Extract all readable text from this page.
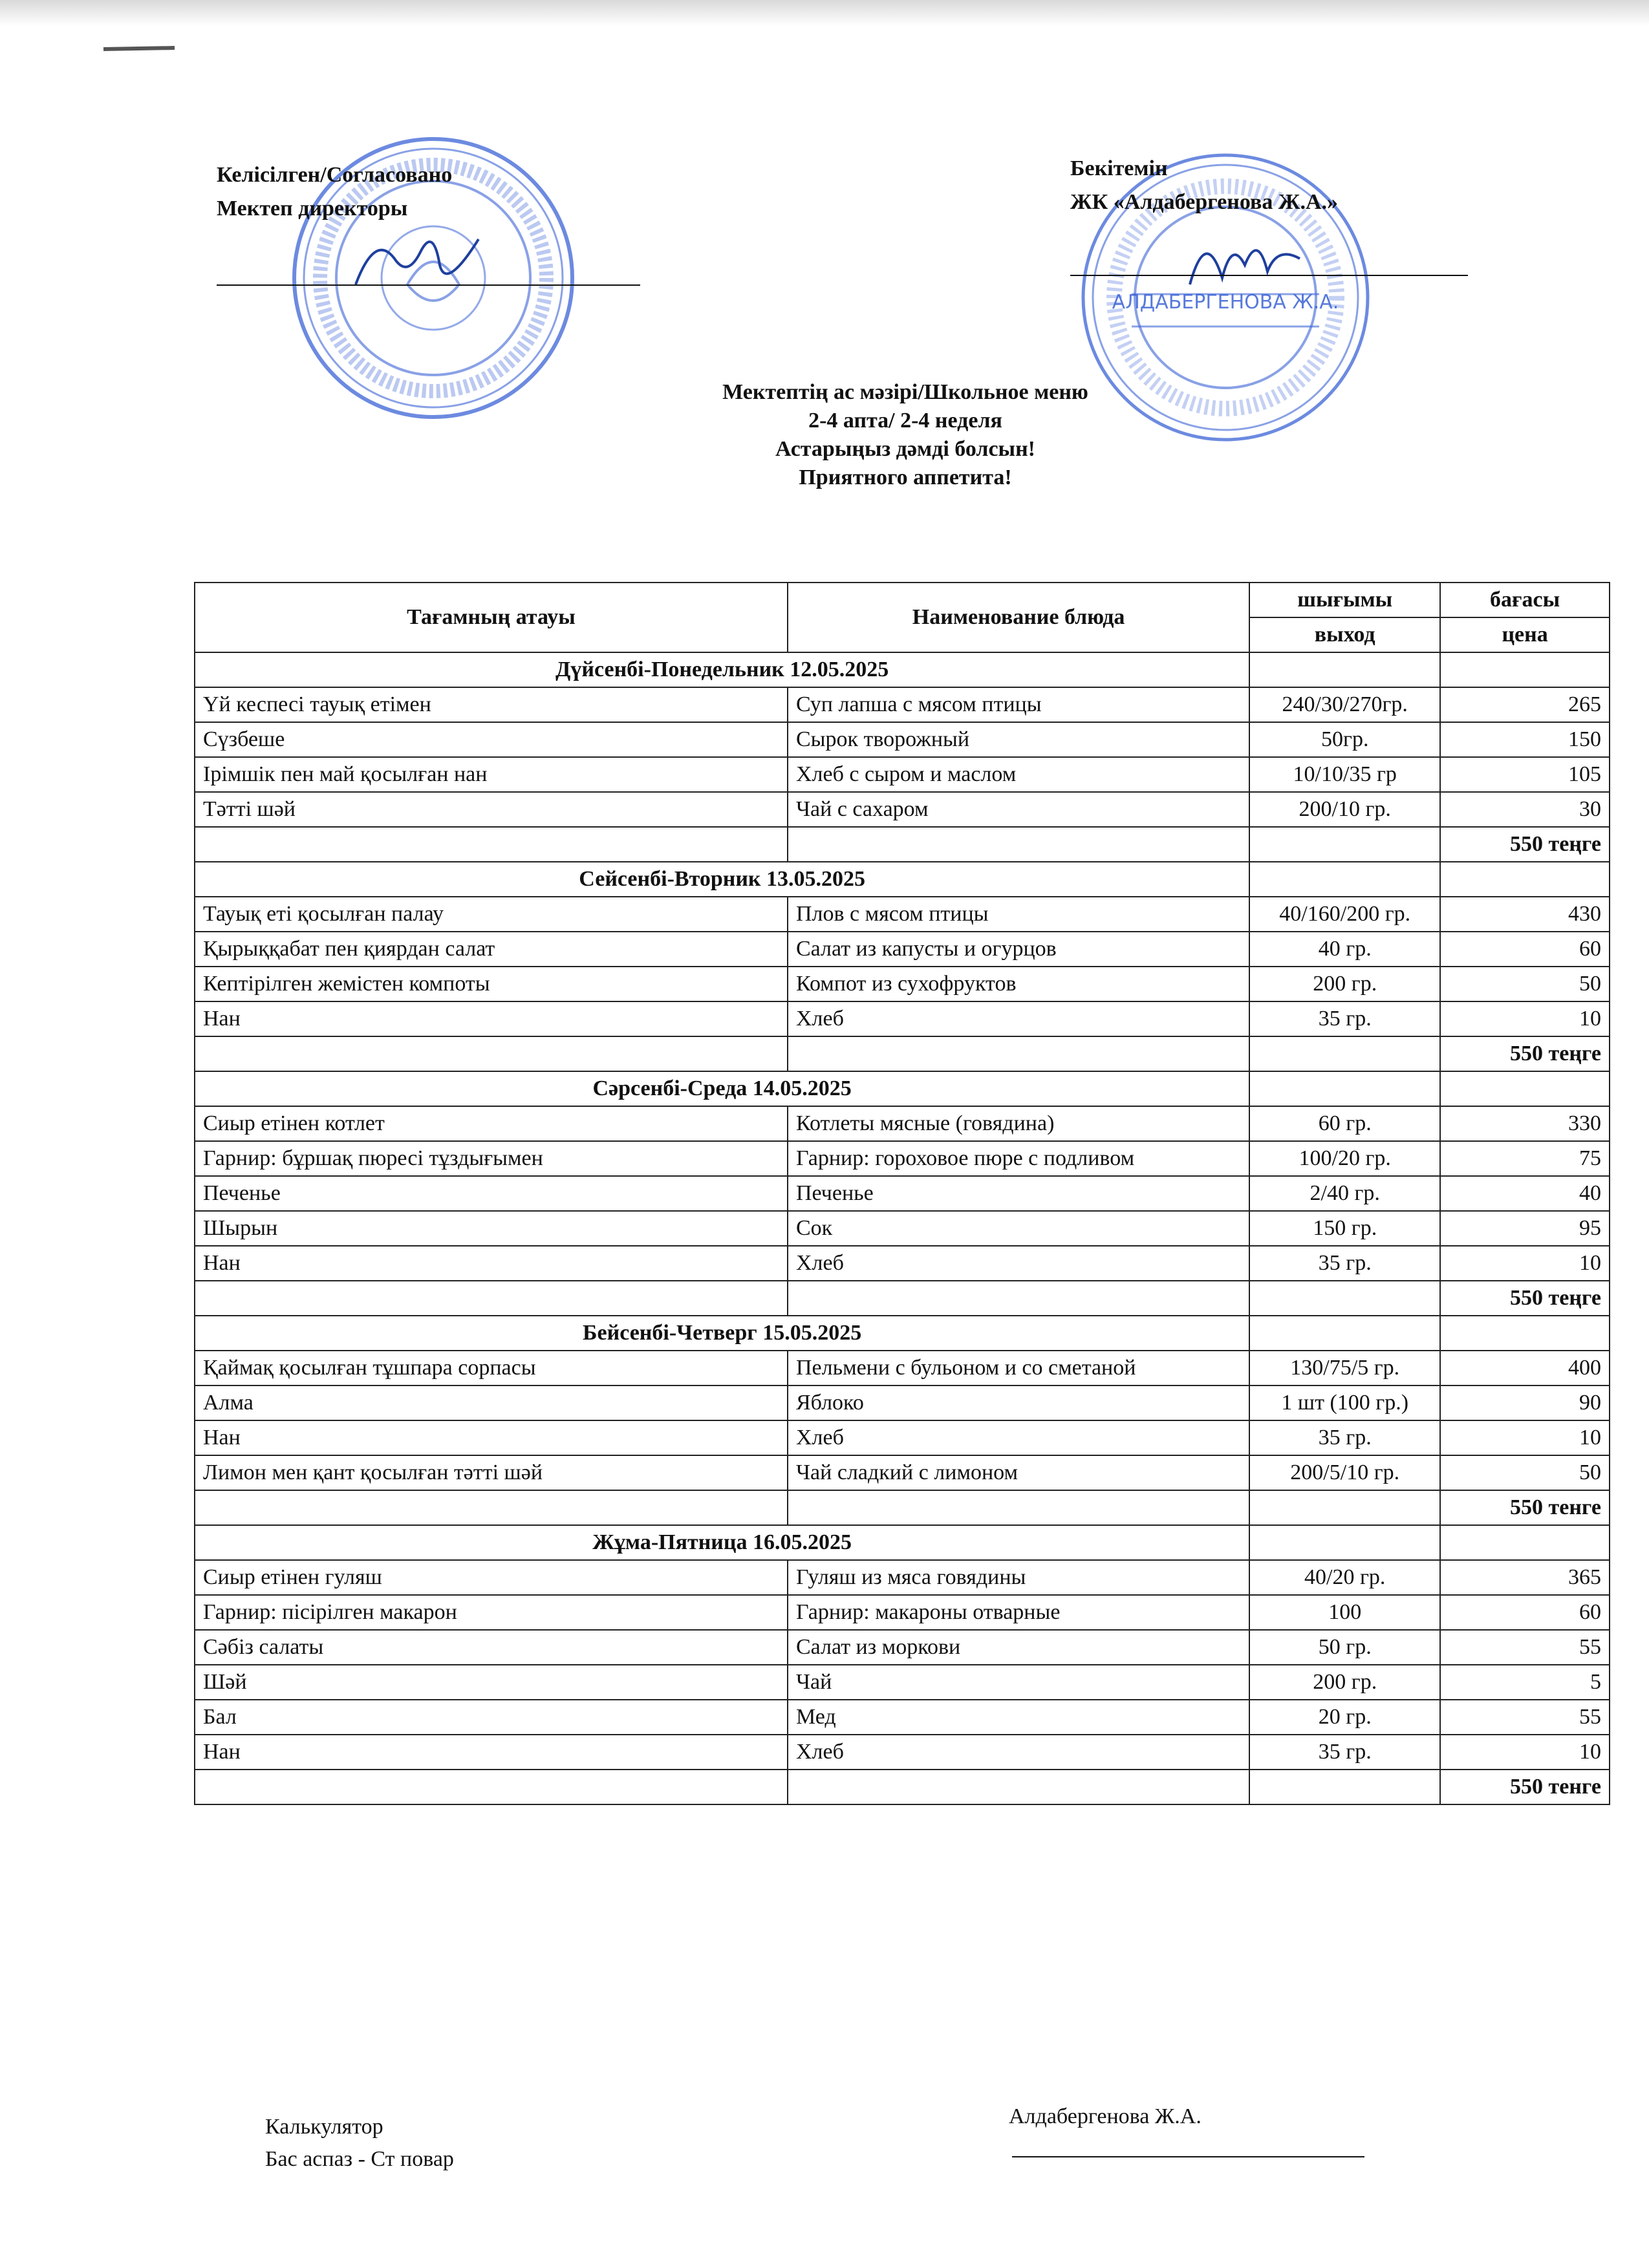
АЛДАБЕРГЕНОВА Ж.А.
Келісілген/Согласовано
Мектеп директоры
Бекітемін
ЖК «Алдабергенова Ж.А.»
Мектептің ас мәзірі/Школьное меню
2-4 апта/ 2-4 неделя
Астарыңыз дәмді болсын!
Приятного аппетита!
Тағамның атауы	Наименование блюда	шығымы	бағасы
		выход	цена
Дүйсенбі-Понедельник 12.05.2025			
Үй кеспесі тауық етімен	Суп лапша с мясом птицы	240/30/270гр.	265
Сүзбеше	Сырок творожный	50гр.	150
Ірімшік пен май қосылған нан	Хлеб с сыром и маслом	10/10/35 гр	105
Тәтті шәй	Чай с сахаром	200/10 гр.	30
			550 теңге
Сейсенбі-Вторник 13.05.2025			
Тауық еті қосылған палау	Плов с мясом птицы	40/160/200 гр.	430
Қырыққабат пен қиярдан салат	Салат из капусты и огурцов	40 гр.	60
Кептірілген жемістен компоты	Компот из сухофруктов	200 гр.	50
Нан	Хлеб	35 гр.	10
			550 теңге
Сәрсенбі-Среда 14.05.2025			
Сиыр етінен котлет	Котлеты мясные (говядина)	60 гр.	330
Гарнир: бұршақ пюресі тұздығымен	Гарнир: гороховое пюре с подливом	100/20 гр.	75
Печенье	Печенье	2/40 гр.	40
Шырын	Сок	150 гр.	95
Нан	Хлеб	35 гр.	10
			550 теңге
Бейсенбі-Четверг 15.05.2025			
Қаймақ қосылған тұшпара сорпасы	Пельмени с бульоном и со сметаной	130/75/5 гр.	400
Алма	Яблоко	1 шт (100 гр.)	90
Нан	Хлеб	35 гр.	10
Лимон мен қант қосылған тәтті шәй	Чай сладкий с лимоном	200/5/10 гр.	50
			550 тенге
Жұма-Пятница 16.05.2025			
Сиыр етінен гуляш	Гуляш из мяса говядины	40/20 гр.	365
Гарнир: пісірілген макарон	Гарнир: макароны отварные	100	60
Сәбіз салаты	Салат из моркови	50 гр.	55
Шәй	Чай	200 гр.	5
Бал	Мед	20 гр.	55
Нан	Хлеб	35 гр.	10
			550 тенге
Калькулятор
Бас аспаз - Ст повар
Алдабергенова Ж.А.
